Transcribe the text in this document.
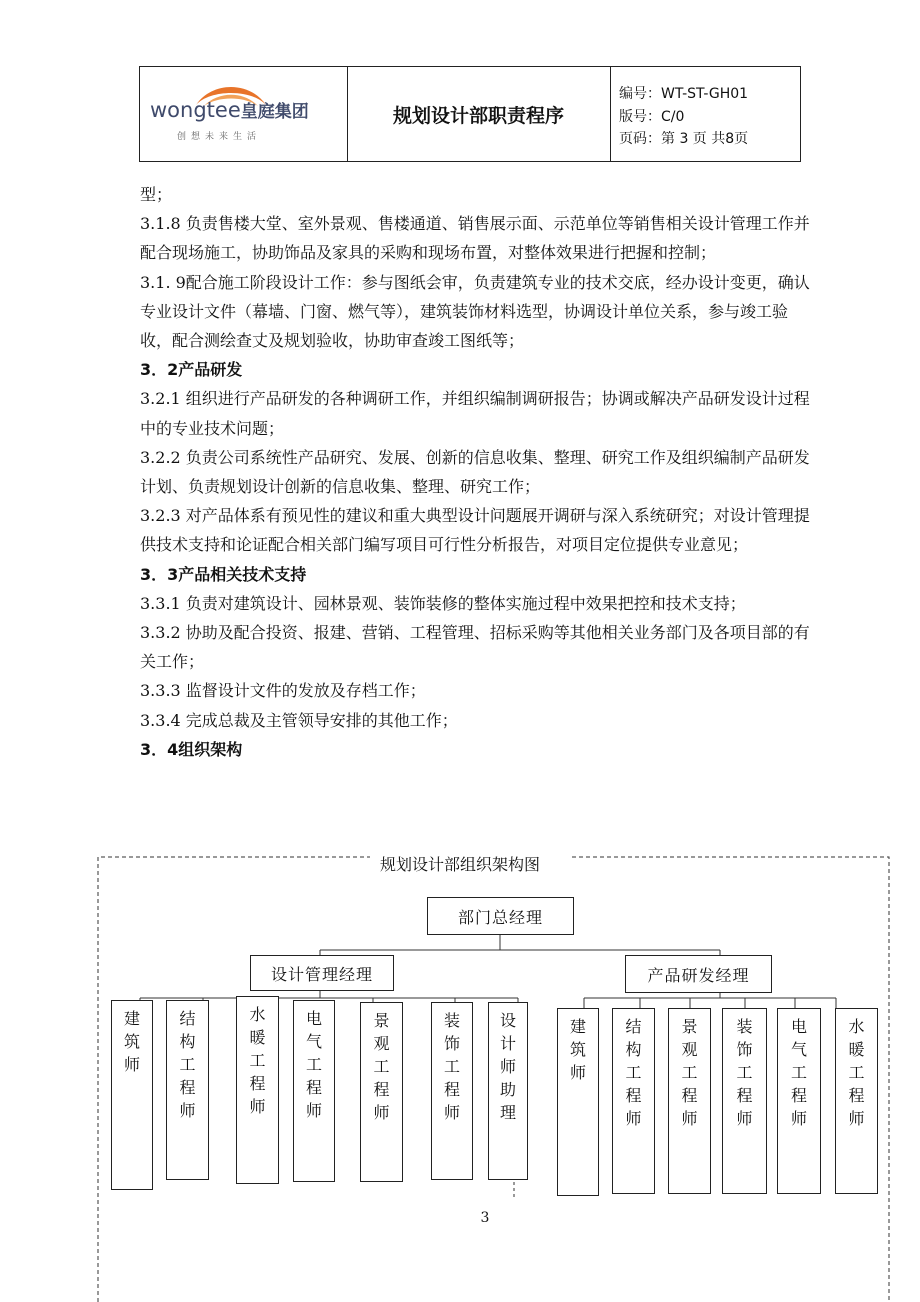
wongtee皇庭集团
创想未来生活
规划设计部职责程序
编号：WT-ST-GH01
版号：C/0
页码：第 3 页 共8页

型；

3.1.8 负责售楼大堂、室外景观、售楼通道、销售展示面、示范单位等销售相关设计管理工作并配合现场施工，协助饰品及家具的采购和现场布置，对整体效果进行把握和控制；

3.1. 9配合施工阶段设计工作：参与图纸会审，负责建筑专业的技术交底，经办设计变更，确认专业设计文件（幕墙、门窗、燃气等），建筑装饰材料选型，协调设计单位关系，参与竣工验收，配合测绘查丈及规划验收，协助审查竣工图纸等；

3．2产品研发

3.2.1 组织进行产品研发的各种调研工作，并组织编制调研报告；协调或解决产品研发设计过程中的专业技术问题；

3.2.2 负责公司系统性产品研究、发展、创新的信息收集、整理、研究工作及组织编制产品研发计划、负责规划设计创新的信息收集、整理、研究工作；

3.2.3 对产品体系有预见性的建议和重大典型设计问题展开调研与深入系统研究；对设计管理提供技术支持和论证配合相关部门编写项目可行性分析报告，对项目定位提供专业意见；

3．3产品相关技术支持

3.3.1 负责对建筑设计、园林景观、装饰装修的整体实施过程中效果把控和技术支持；

3.3.2 协助及配合投资、报建、营销、工程管理、招标采购等其他相关业务部门及各项目部的有关工作；

3.3.3 监督设计文件的发放及存档工作；

3.3.4 完成总裁及主管领导安排的其他工作；

3．4组织架构
规划设计部组织架构图
部门总经理
设计管理经理	产品研发经理
建筑师
结构工程师
水暖工程师
电气工程师
景观工程师
装饰工程师
设计师助理
建筑师
结构工程师
景观工程师
装饰工程师
电气工程师
水暖工程师
3
